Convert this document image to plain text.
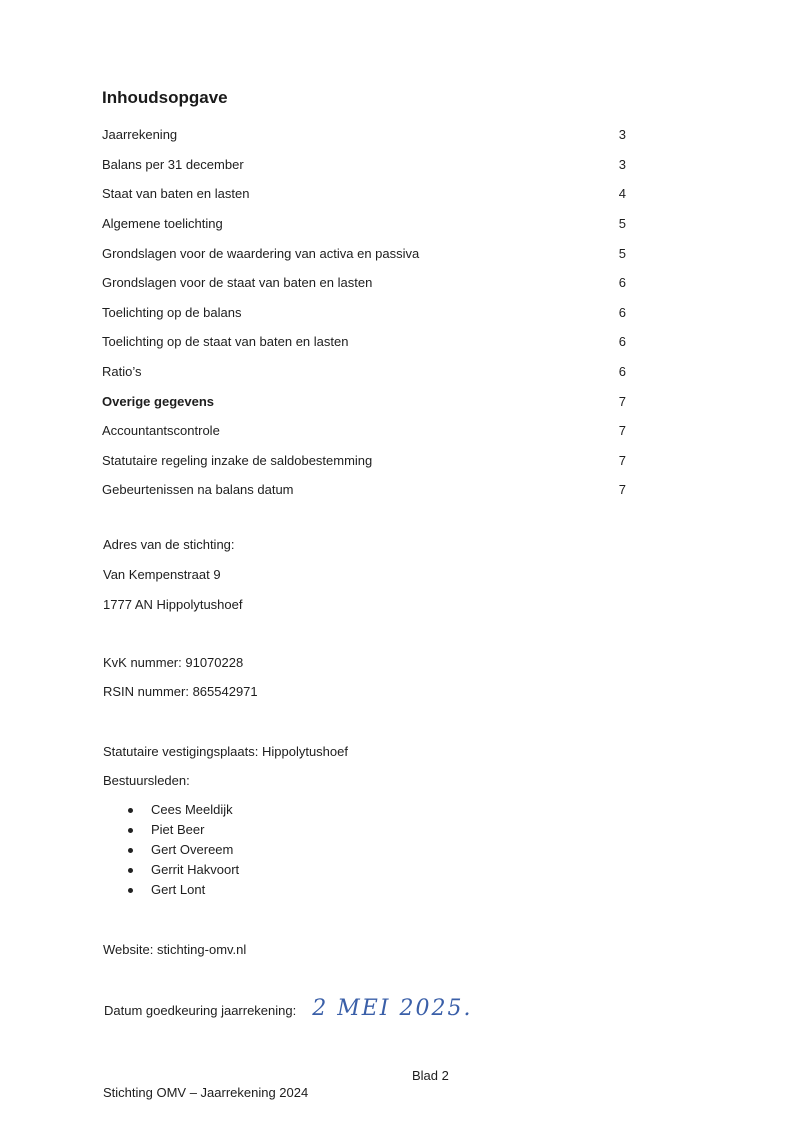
Inhoudsopgave
Jaarrekening	3
Balans per 31 december	3
Staat van baten en lasten	4
Algemene toelichting	5
Grondslagen voor de waardering van activa en passiva	5
Grondslagen voor de staat van baten en lasten	6
Toelichting op de balans	6
Toelichting op de staat van baten en lasten	6
Ratio’s	6
Overige gegevens	7
Accountantscontrole	7
Statutaire regeling inzake de saldobestemming	7
Gebeurtenissen na balans datum	7
Adres van de stichting:
Van Kempenstraat 9
1777 AN Hippolytushoef
KvK nummer: 91070228
RSIN nummer: 865542971
Statutaire vestigingsplaats: Hippolytushoef
Bestuursleden:
Cees Meeldijk
Piet Beer
Gert Overeem
Gerrit Hakvoort
Gert Lont
Website: stichting-omv.nl
Datum goedkeuring jaarrekening: 2 MEI 2025.
Blad 2
Stichting OMV – Jaarrekening 2024
